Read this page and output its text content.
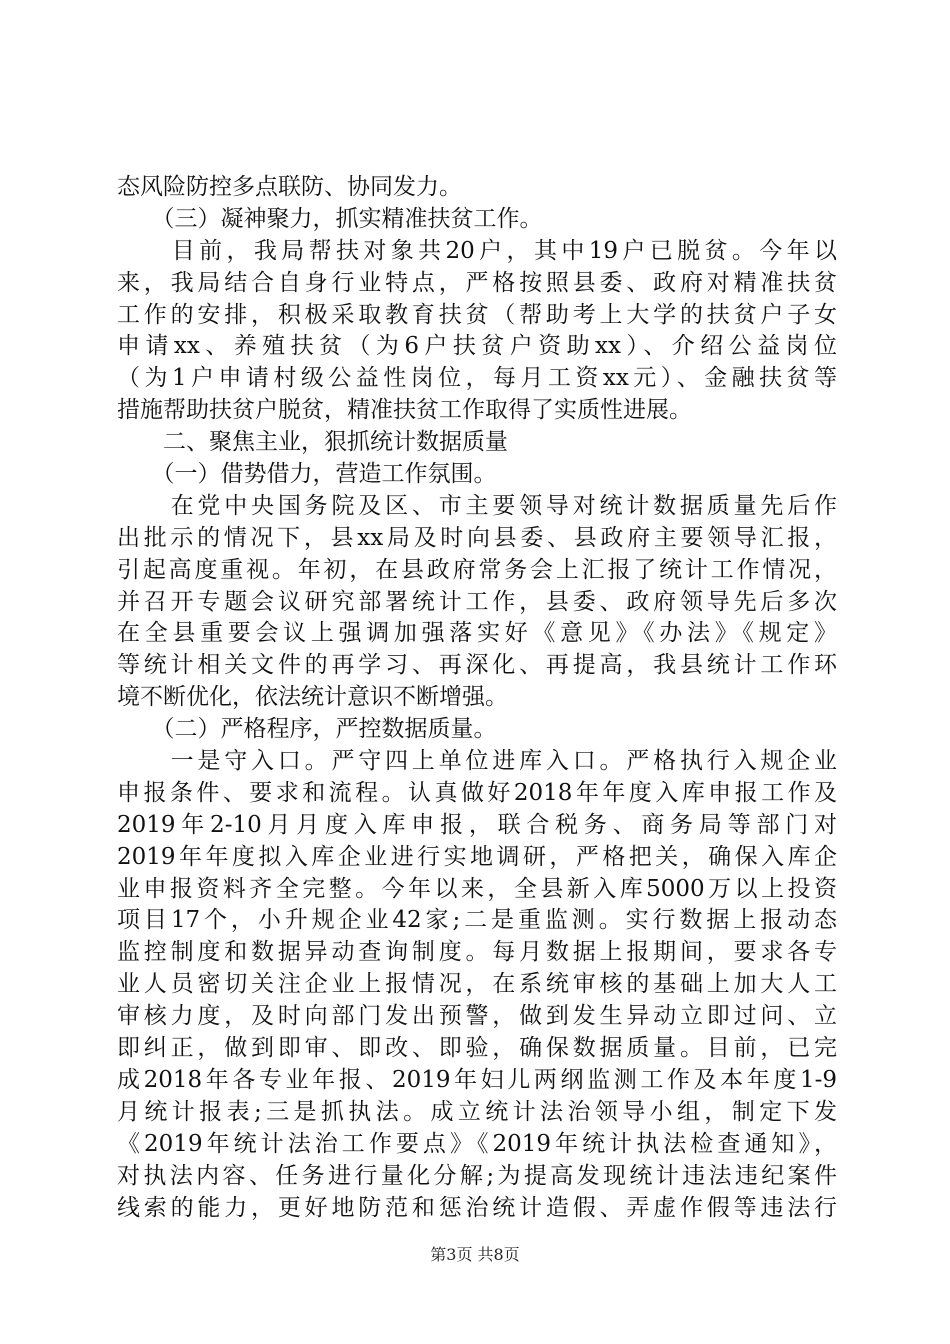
态风险防控多点联防、协同发力。
　　（三）凝神聚力，抓实精准扶贫工作。
　　目前，我局帮扶对象共20户，其中19户已脱贫。今年以
来，我局结合自身行业特点，严格按照县委、政府对精准扶贫
工作的安排，积极采取教育扶贫（帮助考上大学的扶贫户子女
申请xx、养殖扶贫（为6户扶贫户资助xx）、介绍公益岗位
（为1户申请村级公益性岗位，每月工资xx元）、金融扶贫等
措施帮助扶贫户脱贫，精准扶贫工作取得了实质性进展。
　　二、聚焦主业，狠抓统计数据质量
　　（一）借势借力，营造工作氛围。
　　在党中央国务院及区、市主要领导对统计数据质量先后作
出批示的情况下，县xx局及时向县委、县政府主要领导汇报，
引起高度重视。年初，在县政府常务会上汇报了统计工作情况，
并召开专题会议研究部署统计工作，县委、政府领导先后多次
在全县重要会议上强调加强落实好《意见》《办法》《规定》
等统计相关文件的再学习、再深化、再提高，我县统计工作环
境不断优化，依法统计意识不断增强。
　　（二）严格程序，严控数据质量。
　　一是守入口。严守四上单位进库入口。严格执行入规企业
申报条件、要求和流程。认真做好2018年年度入库申报工作及
2019年2-10月月度入库申报，联合税务、商务局等部门对
2019年年度拟入库企业进行实地调研，严格把关，确保入库企
业申报资料齐全完整。今年以来，全县新入库5000万以上投资
项目17个，小升规企业42家;二是重监测。实行数据上报动态
监控制度和数据异动查询制度。每月数据上报期间，要求各专
业人员密切关注企业上报情况，在系统审核的基础上加大人工
审核力度，及时向部门发出预警，做到发生异动立即过问、立
即纠正，做到即审、即改、即验，确保数据质量。目前，已完
成2018年各专业年报、2019年妇儿两纲监测工作及本年度1-9
月统计报表;三是抓执法。成立统计法治领导小组，制定下发
《2019年统计法治工作要点》《2019年统计执法检查通知》，
对执法内容、任务进行量化分解;为提高发现统计违法违纪案件
线索的能力，更好地防范和惩治统计造假、弄虚作假等违法行
第3页 共8页
